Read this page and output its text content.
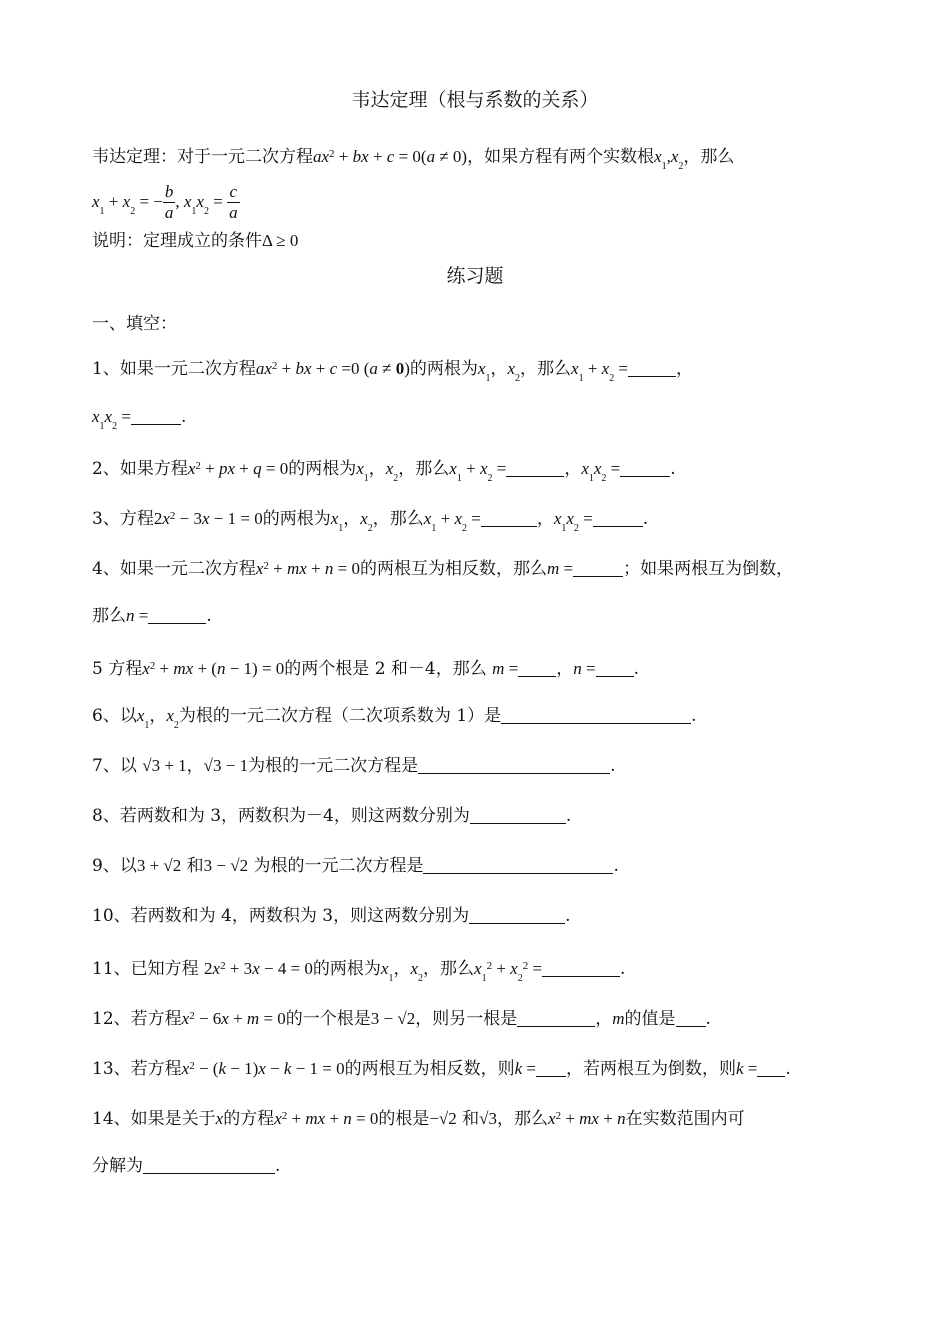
韦达定理（根与系数的关系）
韦达定理：对于一元二次方程$ax^2$ + bx + c = 0(a ≠ 0)，如果方程有两个实数根$x_1,x_2$，那么
$x_1 + x_2$ = − $\frac{b}{a}$ , $x_1x_2 = \frac{c}{a}$
说明：定理成立的条件Δ ≥ 0
练习题
一、填空：
1、如果一元二次方程$ax^2$ + bx + c =0 (a ≠ 0)的两根为$x_1$，$x_2$，那么$x_1 + x_2$ =	，
$x_1x_2$ =	.
2、如果方程$x^2$ + px + q = 0的两根为$x_1$，$x_2$，那么$x_1 + x_2$ =	，$x_1x_2$ =	.
3、方程$2x^2 - 3x - 1 = 0$的两根为$x_1$，$x_2$，那么$x_1 + x_2$ =	，$x_1x_2$ =	.
4、如果一元二次方程$x^2$ + mx + n = 0的两根互为相反数，那么m =	；如果两根互为倒数，
那么n =	.
5 方程$x^2$ + mx + (n − 1) = 0的两个根是 2 和－4，那么 m = ，n = .
6、以$x_1$，$x_2$为根的一元二次方程（二次项系数为 1）是	.
7、以 √3 + 1，√3 − 1为根的一元二次方程是	.
8、若两数和为 3，两数积为－4，则这两数分别为	.
9、以3 + √2 和3 − √2 为根的一元二次方程是	.
10、若两数和为 4，两数积为 3，则这两数分别为	.
11、已知方程 $2x^2 + 3x - 4 = 0$的两根为$x_1$，$x_2$，那么$x_1^2 + x_2^2$ =	.
12、若方程$x^2 - 6x + m = 0$的一个根是3 − √2，则另一根是	，m的值是 .
13、若方程$x^2 - (k - 1)x - k - 1 = 0$的两根互为相反数，则k = ，若两根互为倒数，则k = .
14、如果是关于x的方程$x^2$ + mx + n = 0的根是−√2 和√3，那么$x^2$ + mx + n在实数范围内可
分解为	.
